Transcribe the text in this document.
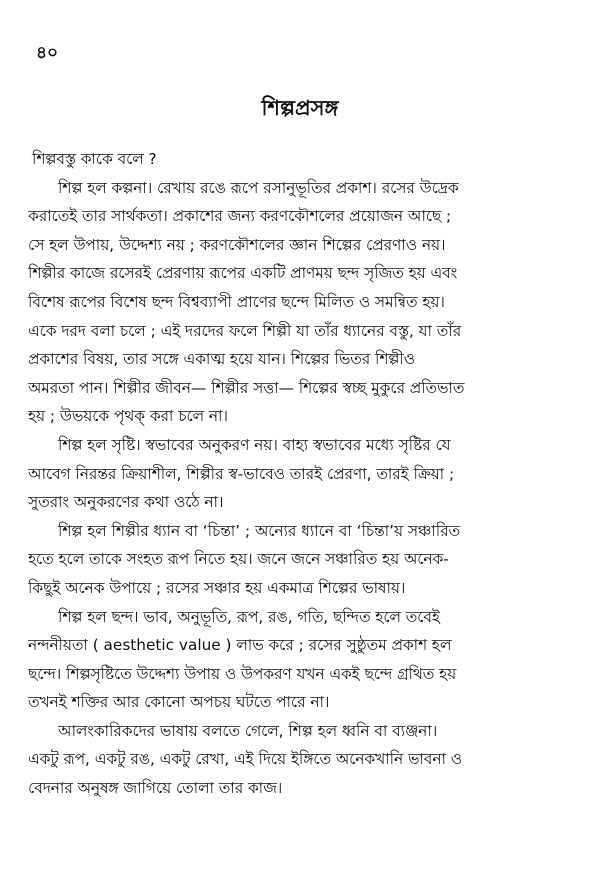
৪০
শিল্পপ্রসঙ্গ
শিল্পবস্তু কাকে বলে ?
শিল্প হল কল্পনা। রেখায় রঙে রূপে রসানুভূতির প্রকাশ। রসের উদ্রেক
করাতেই তার সার্থকতা। প্রকাশের জন্য করণকৌশলের প্রয়োজন আছে ;
সে হল উপায়, উদ্দেশ্য নয় ; করণকৌশলের জ্ঞান শিল্পের প্রেরণাও নয়।
শিল্পীর কাজে রসেরই প্রেরণায় রূপের একটি প্রাণময় ছন্দ সৃজিত হয় এবং
বিশেষ রূপের বিশেষ ছন্দ বিশ্বব্যাপী প্রাণের ছন্দে মিলিত ও সমন্বিত হয়।
একে দরদ বলা চলে ; এই দরদের ফলে শিল্পী যা তাঁর ধ্যানের বস্তু, যা তাঁর
প্রকাশের বিষয়, তার সঙ্গে একাত্ম হয়ে যান। শিল্পের ভিতর শিল্পীও
অমরতা পান। শিল্পীর জীবন— শিল্পীর সত্তা— শিল্পের স্বচ্ছ মুকুরে প্রতিভাত
হয় ; উভয়কে পৃথক্‌ করা চলে না।
শিল্প হল সৃষ্টি। স্বভাবের অনুকরণ নয়। বাহ্য স্বভাবের মধ্যে সৃষ্টির যে
আবেগ নিরন্তর ক্রিয়াশীল, শিল্পীর স্ব-ভাবেও তারই প্রেরণা, তারই ক্রিয়া ;
সুতরাং অনুকরণের কথা ওঠে না।
শিল্প হল শিল্পীর ধ্যান বা ‘চিন্তা’ ; অন্যের ধ্যানে বা ‘চিন্তা’য় সঞ্চারিত
হতে হলে তাকে সংহত রূপ নিতে হয়। জনে জনে সঞ্চারিত হয় অনেক-
কিছুই অনেক উপায়ে ; রসের সঞ্চার হয় একমাত্র শিল্পের ভাষায়।
শিল্প হল ছন্দ। ভাব, অনুভূতি, রূপ, রঙ, গতি, ছন্দিত হলে তবেই
নন্দনীয়তা ( aesthetic value ) লাভ করে ; রসের সুষ্ঠুতম প্রকাশ হল
ছন্দে। শিল্পসৃষ্টিতে উদ্দেশ্য উপায় ও উপকরণ যখন একই ছন্দে গ্রথিত হয়
তখনই শক্তির আর কোনো অপচয় ঘটতে পারে না।
আলংকারিকদের ভাষায় বলতে গেলে, শিল্প হল ধ্বনি বা ব্যঞ্জনা।
একটু রূপ, একটু রঙ, একটু রেখা, এই দিয়ে ইঙ্গিতে অনেকখানি ভাবনা ও
বেদনার অনুষঙ্গ জাগিয়ে তোলা তার কাজ।
